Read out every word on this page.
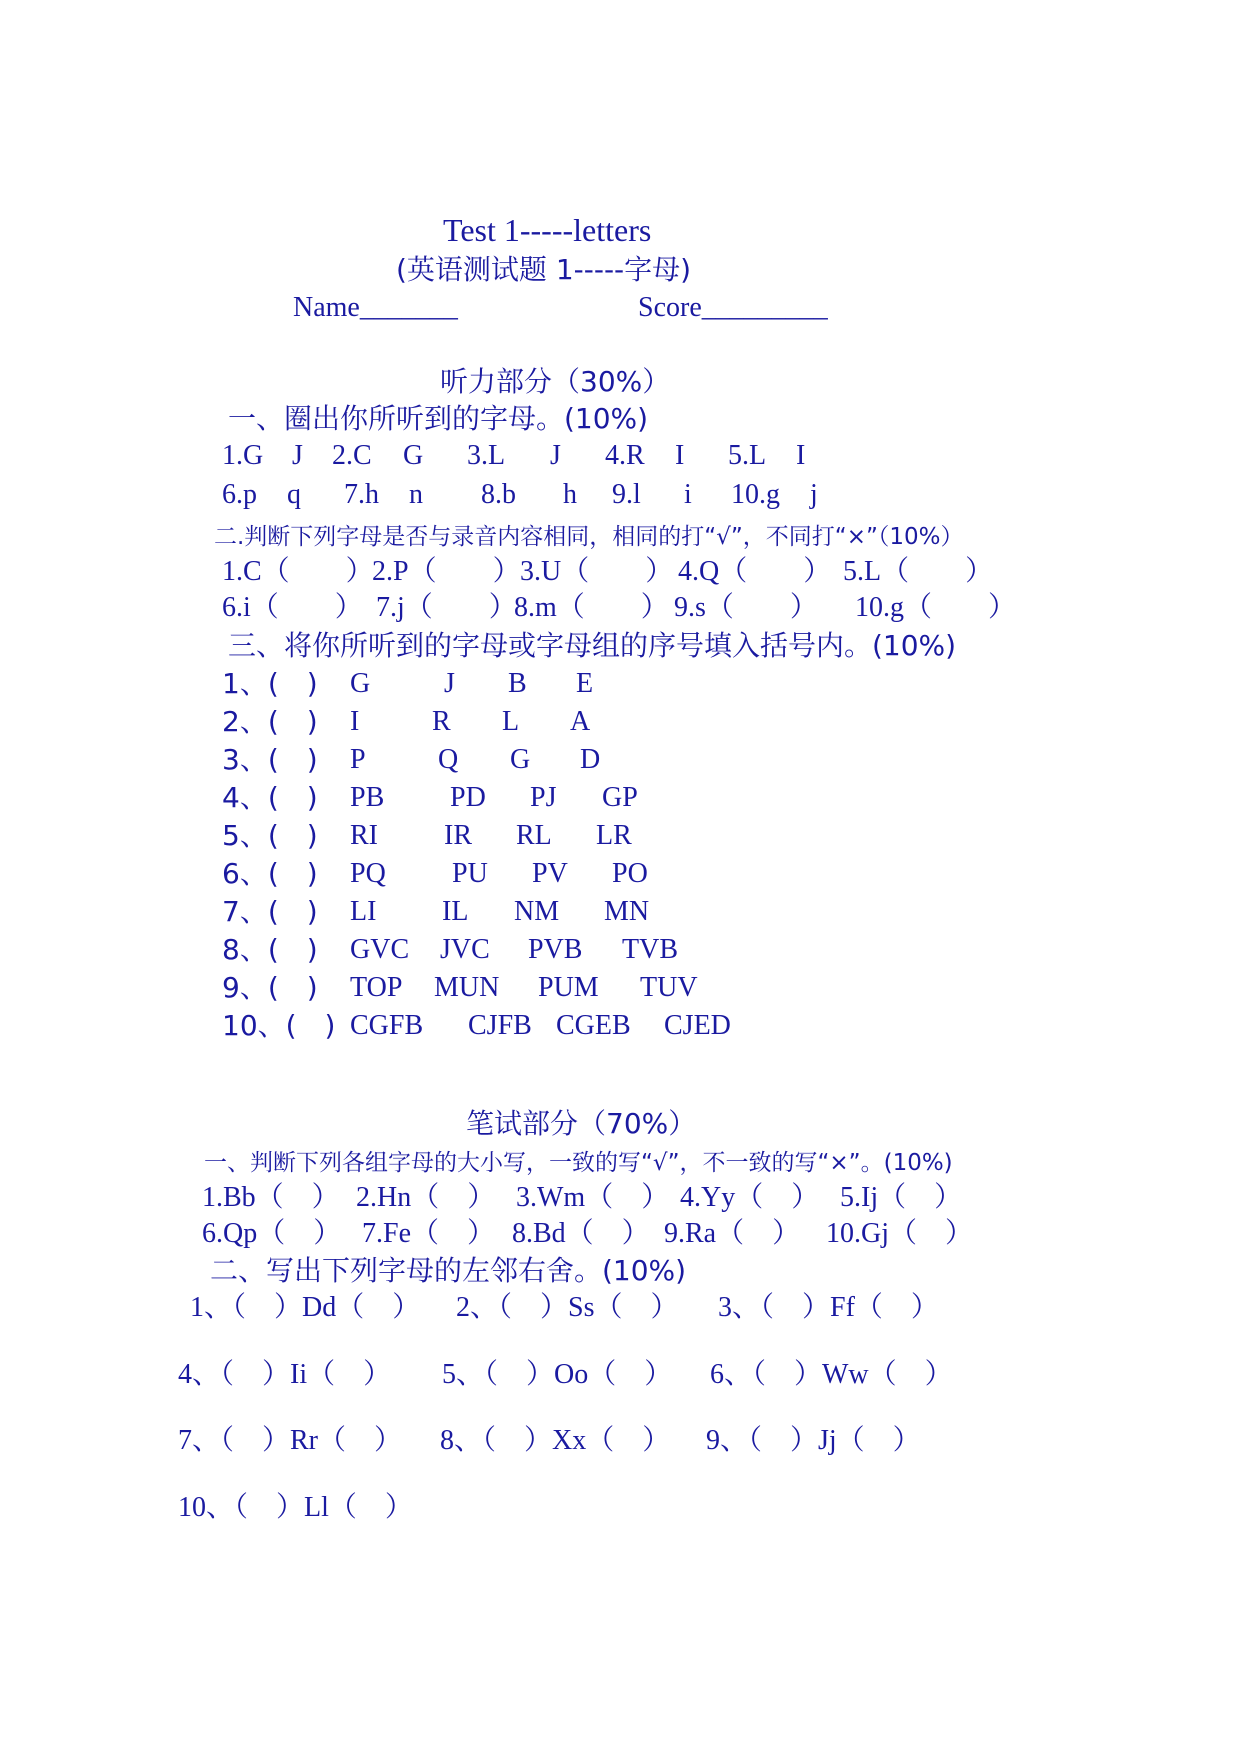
Test 1-----letters
(英语测试题 1-----字母)
Name_______	Score_________
听力部分（30%）
一、圈出你所听到的字母。(10%)

1.G

J

2.C

G

3.L

J

4.R

I

5.L

I

6.p

q

7.h

n

8.b

h

9.l

i

10.g

j

二.判断下列字母是否与录音内容相同，相同的打“√”，不同打“×”（10%）

1.C（　　）

2.P（　　）

3.U（　　）

4.Q（　　）

5.L（　　）

6.i（　　）

7.j（　　）

8.m（　　）

9.s（　　）

10.g（　　）

三、将你所听到的字母或字母组的序号填入括号内。(10%)

1、(　)

G

	J

B

E

2、(　)

I

	R

L

A

3、(　)

P

	Q

G

D

4、(　)

PB

PD

PJ

GP

5、(　)

RI

IR

RL

LR

6、(　)

PQ

PU

PV

PO

7、(　)

LI

IL

NM

MN

8、(　)

GVC

JVC

PVB

TVB

9、(　)

TOP

MUN

PUM

TUV

10、(　)

CGFB

CJFB

CGEB

CJED

笔试部分（70%）
一、判断下列各组字母的大小写，一致的写“√”，不一致的写“×”。(10%)

1.Bb（　）

2.Hn（　）

3.Wm（　）

4.Yy（　）

5.Ij（　）

6.Qp（　）

7.Fe（　）

8.Bd（　）

9.Ra（　）

10.Gj（　）

二、写出下列字母的左邻右舍。(10%)

1、（　）Dd（　）

2、（　）Ss（　）

3、（　）Ff（　）

4、（　）Ii（　）

5、（　）Oo（　）

6、（　）Ww（　）

7、（　）Rr（　）

8、（　）Xx（　）

9、（　）Jj（　）

10、（　）Ll（　）
